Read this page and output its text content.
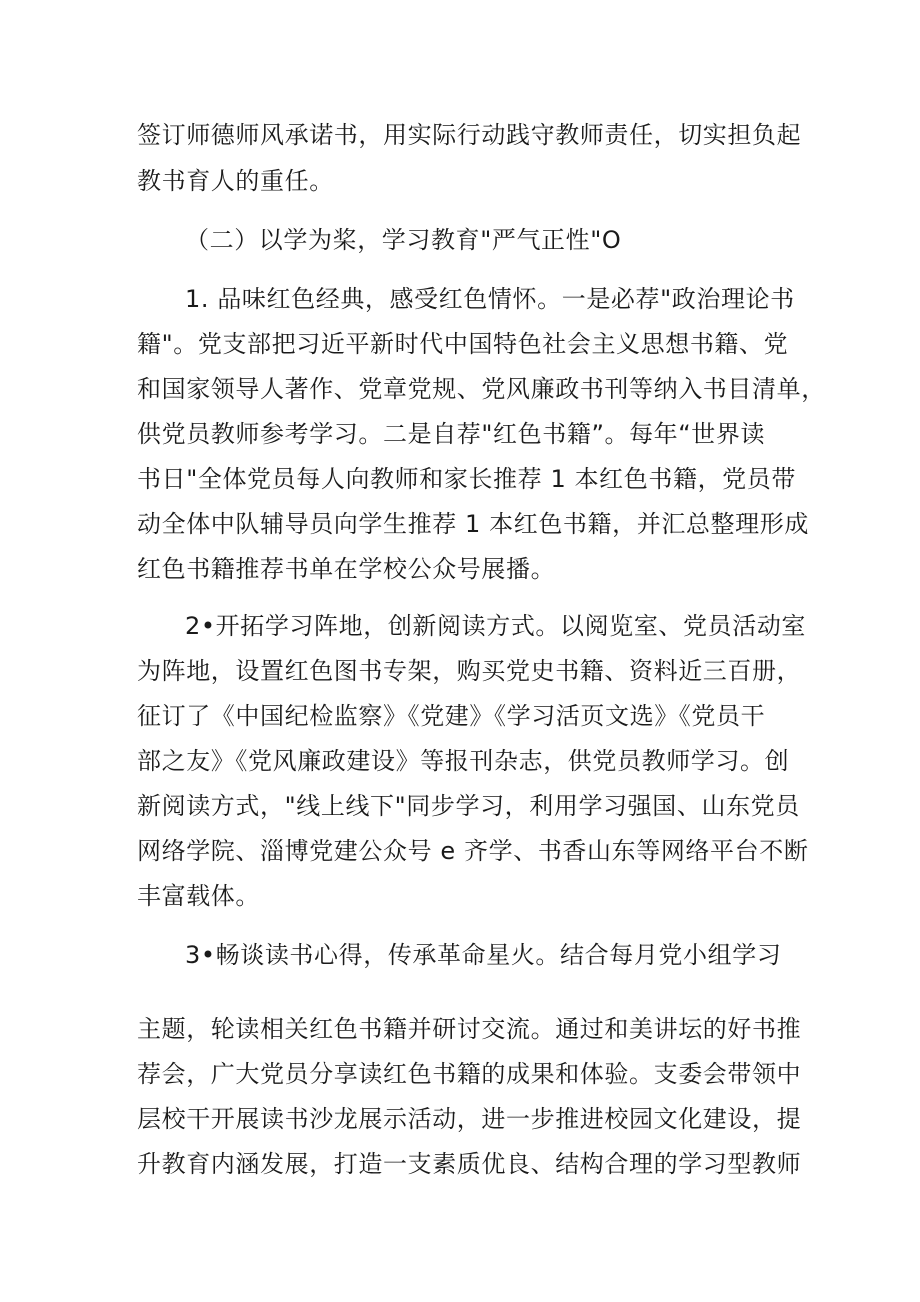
签订师德师风承诺书，用实际行动践守教师责任，切实担负起
教书育人的重任。
（二）以学为桨，学习教育"严气正性"O
1. 品味红色经典，感受红色情怀。一是必荐"政治理论书
籍"。党支部把习近平新时代中国特色社会主义思想书籍、党
和国家领导人著作、党章党规、党风廉政书刊等纳入书目清单，
供党员教师参考学习。二是自荐"红色书籍”。每年“世界读
书日"全体党员每人向教师和家长推荐 1 本红色书籍，党员带
动全体中队辅导员向学生推荐 1 本红色书籍，并汇总整理形成
红色书籍推荐书单在学校公众号展播。
2•开拓学习阵地，创新阅读方式。以阅览室、党员活动室
为阵地，设置红色图书专架，购买党史书籍、资料近三百册，
征订了《中国纪检监察》《党建》《学习活页文选》《党员干
部之友》《党风廉政建设》等报刊杂志，供党员教师学习。创
新阅读方式，"线上线下"同步学习，利用学习强国、山东党员
网络学院、淄博党建公众号 e 齐学、书香山东等网络平台不断
丰富载体。
3•畅谈读书心得，传承革命星火。结合每月党小组学习
主题，轮读相关红色书籍并研讨交流。通过和美讲坛的好书推
荐会，广大党员分享读红色书籍的成果和体验。支委会带领中
层校干开展读书沙龙展示活动，进一步推进校园文化建设，提
升教育内涵发展，打造一支素质优良、结构合理的学习型教师
